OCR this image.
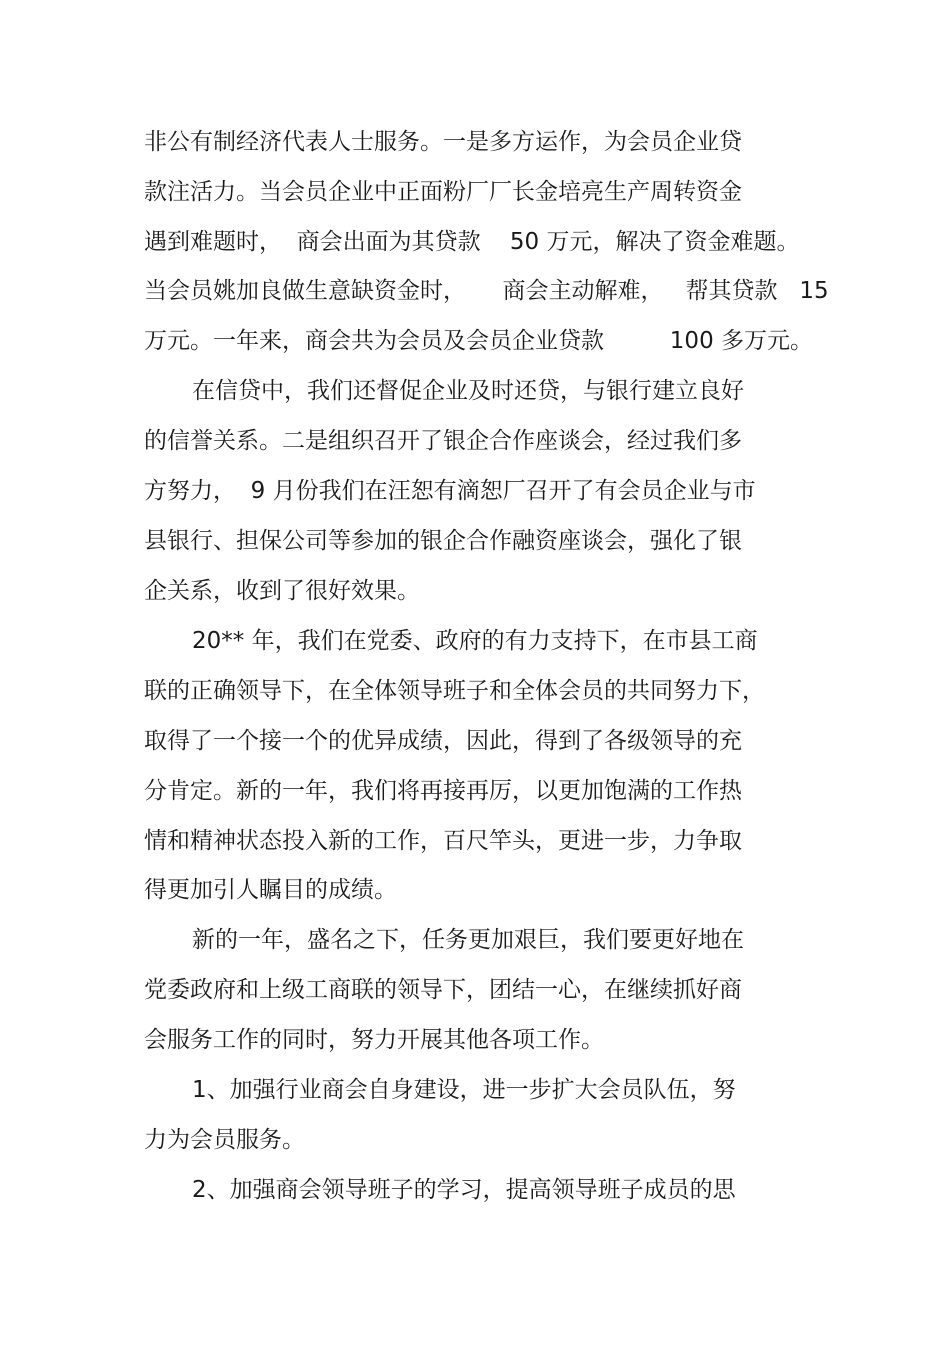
非公有制经济代表人士服务。一是多方运作，为会员企业贷

款注活力。当会员企业中正面粉厂厂长金培亮生产周转资金

遇到难题时，  商会出面为其贷款    50 万元，解决了资金难题。

当会员姚加良做生意缺资金时，     商会主动解难，   帮其贷款   15

万元。一年来，商会共为会员及会员企业贷款         100 多万元。

在信贷中，我们还督促企业及时还贷，与银行建立良好

的信誉关系。二是组织召开了银企合作座谈会，经过我们多

方努力，  9 月份我们在汪恕有滴恕厂召开了有会员企业与市

县银行、担保公司等参加的银企合作融资座谈会，强化了银

企关系，收到了很好效果。

20** 年，我们在党委、政府的有力支持下，在市县工商

联的正确领导下，在全体领导班子和全体会员的共同努力下，

取得了一个接一个的优异成绩，因此，得到了各级领导的充

分肯定。新的一年，我们将再接再厉，以更加饱满的工作热

情和精神状态投入新的工作，百尺竿头，更进一步，力争取

得更加引人瞩目的成绩。

新的一年，盛名之下，任务更加艰巨，我们要更好地在

党委政府和上级工商联的领导下，团结一心，在继续抓好商

会服务工作的同时，努力开展其他各项工作。

1、加强行业商会自身建设，进一步扩大会员队伍，努

力为会员服务。

2、加强商会领导班子的学习，提高领导班子成员的思
